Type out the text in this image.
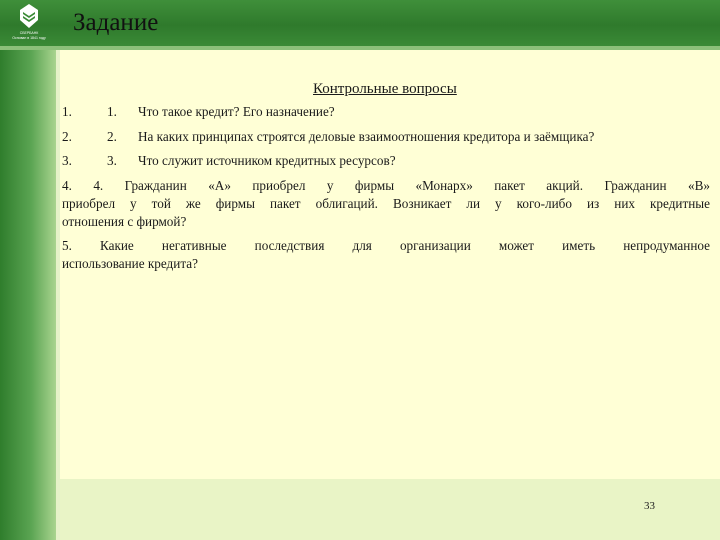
СБЕРБАНК
Основан в 1841 году
Задание
Контрольные вопросы
1.	1. Что такое кредит? Его назначение?
2.	2. На каких принципах строятся деловые взаимоотношения кредитора и заёмщика?
3.	3. Что служит источником кредитных ресурсов?
4. 4. Гражданин «А» приобрел у фирмы «Монарх» пакет акций. Гражданин «В»
приобрел у той же фирмы пакет облигаций. Возникает ли у кого-либо из них кредитные
отношения с фирмой?
5. Какие негативные последствия для организации может иметь непродуманное
использование кредита?
33
